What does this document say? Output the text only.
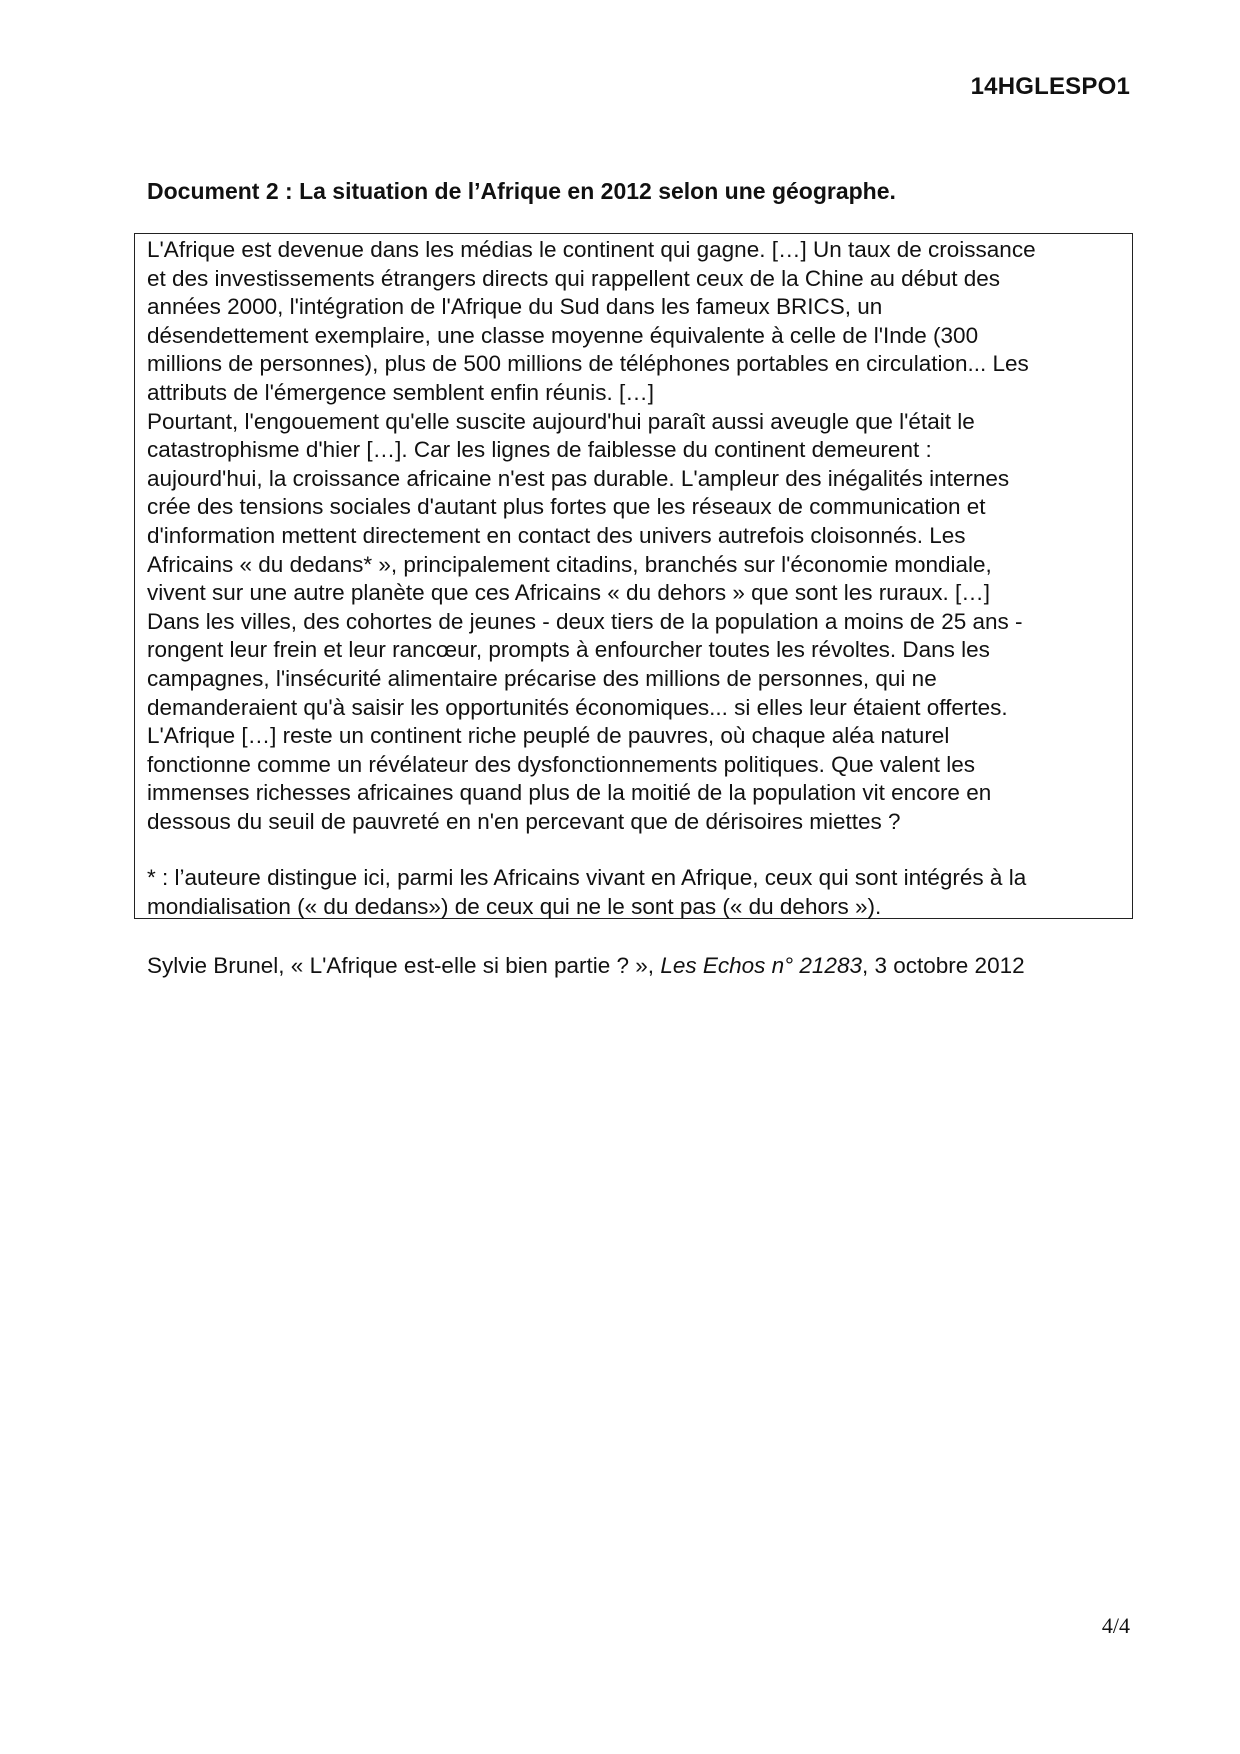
14HGLESPO1
Document 2 : La situation de l’Afrique en 2012 selon une géographe.
L'Afrique est devenue dans les médias le continent qui gagne. […] Un taux de croissance
et des investissements étrangers directs qui rappellent ceux de la Chine au début des
années 2000, l'intégration de l'Afrique du Sud dans les fameux BRICS, un
désendettement exemplaire, une classe moyenne équivalente à celle de l'Inde (300
millions de personnes), plus de 500 millions de téléphones portables en circulation... Les
attributs de l'émergence semblent enfin réunis. […]
Pourtant, l'engouement qu'elle suscite aujourd'hui paraît aussi aveugle que l'était le
catastrophisme d'hier […]. Car les lignes de faiblesse du continent demeurent :
aujourd'hui, la croissance africaine n'est pas durable. L'ampleur des inégalités internes
crée des tensions sociales d'autant plus fortes que les réseaux de communication et
d'information mettent directement en contact des univers autrefois cloisonnés. Les
Africains « du dedans* », principalement citadins, branchés sur l'économie mondiale,
vivent sur une autre planète que ces Africains « du dehors » que sont les ruraux. […]
Dans les villes, des cohortes de jeunes - deux tiers de la population a moins de 25 ans -
rongent leur frein et leur rancœur, prompts à enfourcher toutes les révoltes. Dans les
campagnes, l'insécurité alimentaire précarise des millions de personnes, qui ne
demanderaient qu'à saisir les opportunités économiques... si elles leur étaient offertes.
L'Afrique […] reste un continent riche peuplé de pauvres, où chaque aléa naturel
fonctionne comme un révélateur des dysfonctionnements politiques. Que valent les
immenses richesses africaines quand plus de la moitié de la population vit encore en
dessous du seuil de pauvreté en n'en percevant que de dérisoires miettes ?
* : l’auteure distingue ici, parmi les Africains vivant en Afrique, ceux qui sont intégrés à la
mondialisation (« du dedans») de ceux qui ne le sont pas (« du dehors »).
Sylvie Brunel, « L'Afrique est-elle si bien partie ? », Les Echos n° 21283, 3 octobre 2012
4/4
